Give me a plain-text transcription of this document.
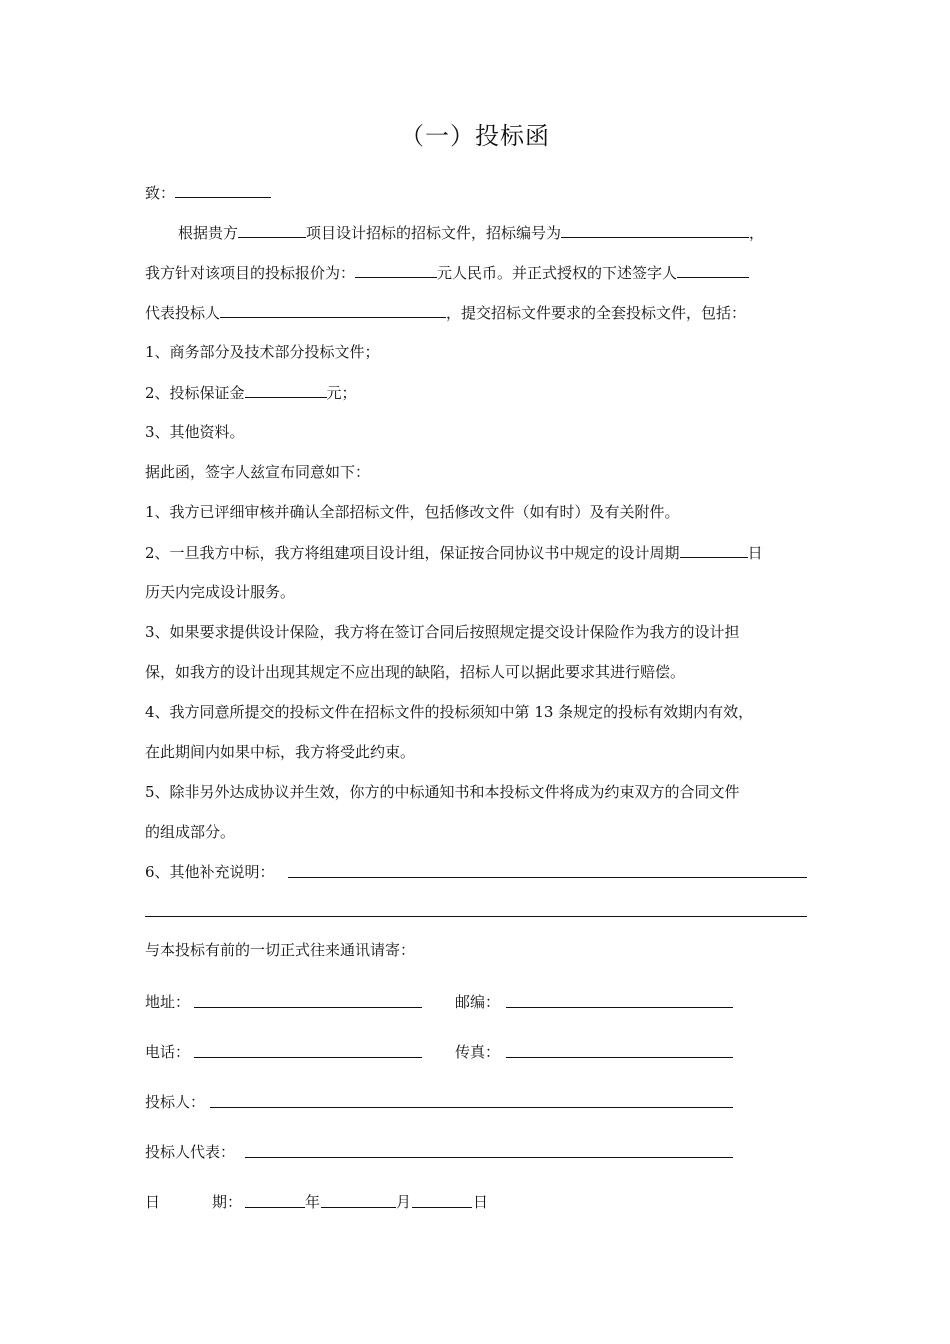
（一）投标函
致：
根据贵方	项目设计招标的招标文件，招标编号为	，
我方针对该项目的投标报价为：	元人民币。并正式授权的下述签字人
代表投标人	，提交招标文件要求的全套投标文件，包括：
1、商务部分及技术部分投标文件；
2、投标保证金	元；
3、其他资料。
据此函，签字人兹宣布同意如下：
1、我方已评细审核并确认全部招标文件，包括修改文件（如有时）及有关附件。
2、一旦我方中标，我方将组建项目设计组，保证按合同协议书中规定的设计周期	日
历天内完成设计服务。
3、如果要求提供设计保险，我方将在签订合同后按照规定提交设计保险作为我方的设计担
保，如我方的设计出现其规定不应出现的缺陷，招标人可以据此要求其进行赔偿。
4、我方同意所提交的投标文件在招标文件的投标须知中第 13 条规定的投标有效期内有效，
在此期间内如果中标，我方将受此约束。
5、除非另外达成协议并生效，你方的中标通知书和本投标文件将成为约束双方的合同文件
的组成部分。
6、其他补充说明：
与本投标有前的一切正式往来通讯请寄：
地址：	邮编：
电话：	传真：
投标人：
投标人代表：
日	期：	年	月	日
